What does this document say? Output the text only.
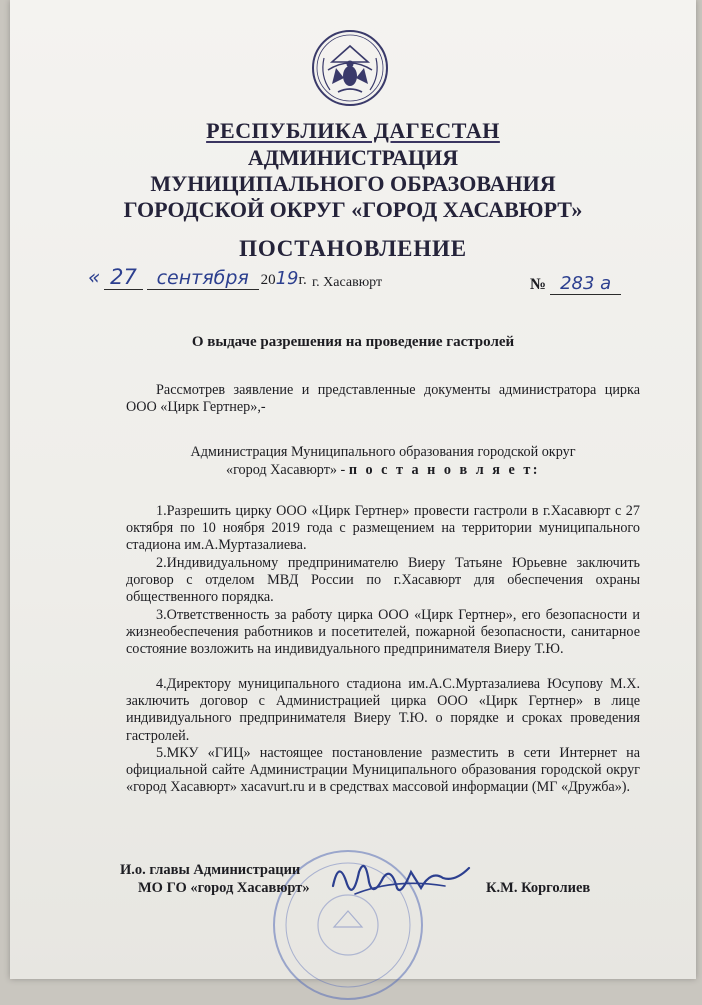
РЕСПУБЛИКА ДАГЕСТАН
АДМИНИСТРАЦИЯ
МУНИЦИПАЛЬНОГО ОБРАЗОВАНИЯ
ГОРОДСКОЙ ОКРУГ «ГОРОД ХАСАВЮРТ»
ПОСТАНОВЛЕНИЕ
« 27 сентября 2019г. г. Хасавюрт	№ 283 а
О выдаче разрешения на проведение гастролей
Рассмотрев заявление и представленные документы администратора цирка ООО «Цирк Гертнер»,-
Администрация Муниципального образования городской округ
«город Хасавюрт» - п о с т а н о в л я е т:
1.Разрешить цирку ООО «Цирк Гертнер» провести гастроли в г.Хасавюрт с 27 октября по 10 ноября 2019 года с размещением на территории муниципального стадиона им.А.Муртазалиева.
2.Индивидуальному предпринимателю Виеру Татьяне Юрьевне заключить договор с отделом МВД России по г.Хасавюрт для обеспечения охраны общественного порядка.
3.Ответственность за работу цирка ООО «Цирк Гертнер», его безопасности и жизнеобеспечения работников и посетителей, пожарной безопасности, санитарное состояние возложить на индивидуального предпринимателя Виеру Т.Ю.
4.Директору муниципального стадиона им.А.С.Муртазалиева Юсупову М.Х. заключить договор с Администрацией цирка ООО «Цирк Гертнер» в лице индивидуального предпринимателя Виеру Т.Ю. о порядке и сроках проведения гастролей.
5.МКУ «ГИЦ» настоящее постановление разместить в сети Интернет на официальной сайте Администрации Муниципального образования городской округ «город Хасавюрт» xacavurt.ru и в средствах массовой информации (МГ «Дружба»).
И.о. главы Администрации
МО ГО «город Хасавюрт»	К.М. Корголиев
